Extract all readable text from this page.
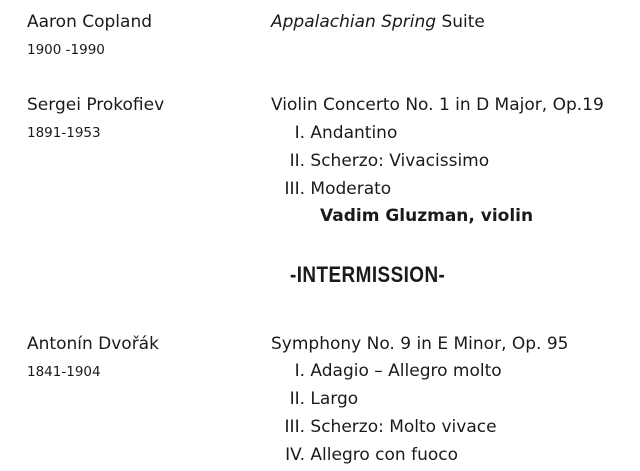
Aaron Copland
1900 -1990
Appalachian Spring Suite
Sergei Prokofiev
1891-1953
Violin Concerto No. 1 in D Major, Op.19
I. Andantino
II. Scherzo: Vivacissimo
III. Moderato
Vadim Gluzman, violin
-INTERMISSION-
Antonín Dvořák
1841-1904
Symphony No. 9 in E Minor, Op. 95
I. Adagio – Allegro molto
II. Largo
III. Scherzo: Molto vivace
IV. Allegro con fuoco
